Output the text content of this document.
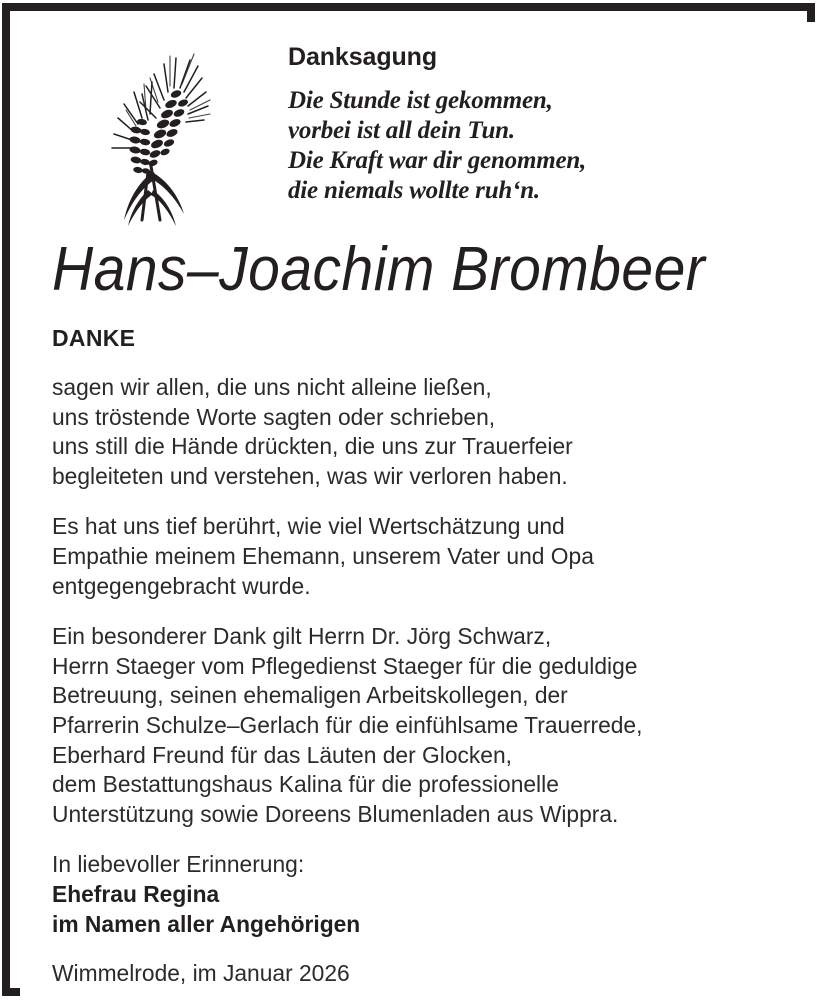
Danksagung
Die Stunde ist gekommen,
vorbei ist all dein Tun.
Die Kraft war dir genommen,
die niemals wollte ruh‘n.
Hans–Joachim Brombeer
DANKE
sagen wir allen, die uns nicht alleine ließen,
uns tröstende Worte sagten oder schrieben,
uns still die Hände drückten, die uns zur Trauerfeier
begleiteten und verstehen, was wir verloren haben.
Es hat uns tief berührt, wie viel Wertschätzung und
Empathie meinem Ehemann, unserem Vater und Opa
entgegengebracht wurde.
Ein besonderer Dank gilt Herrn Dr. Jörg Schwarz,
Herrn Staeger vom Pflegedienst Staeger für die geduldige
Betreuung, seinen ehemaligen Arbeitskollegen, der
Pfarrerin Schulze–Gerlach für die einfühlsame Trauerrede,
Eberhard Freund für das Läuten der Glocken,
dem Bestattungshaus Kalina für die professionelle
Unterstützung sowie Doreens Blumenladen aus Wippra.
In liebevoller Erinnerung:
Ehefrau Regina
im Namen aller Angehörigen
Wimmelrode, im Januar 2026
